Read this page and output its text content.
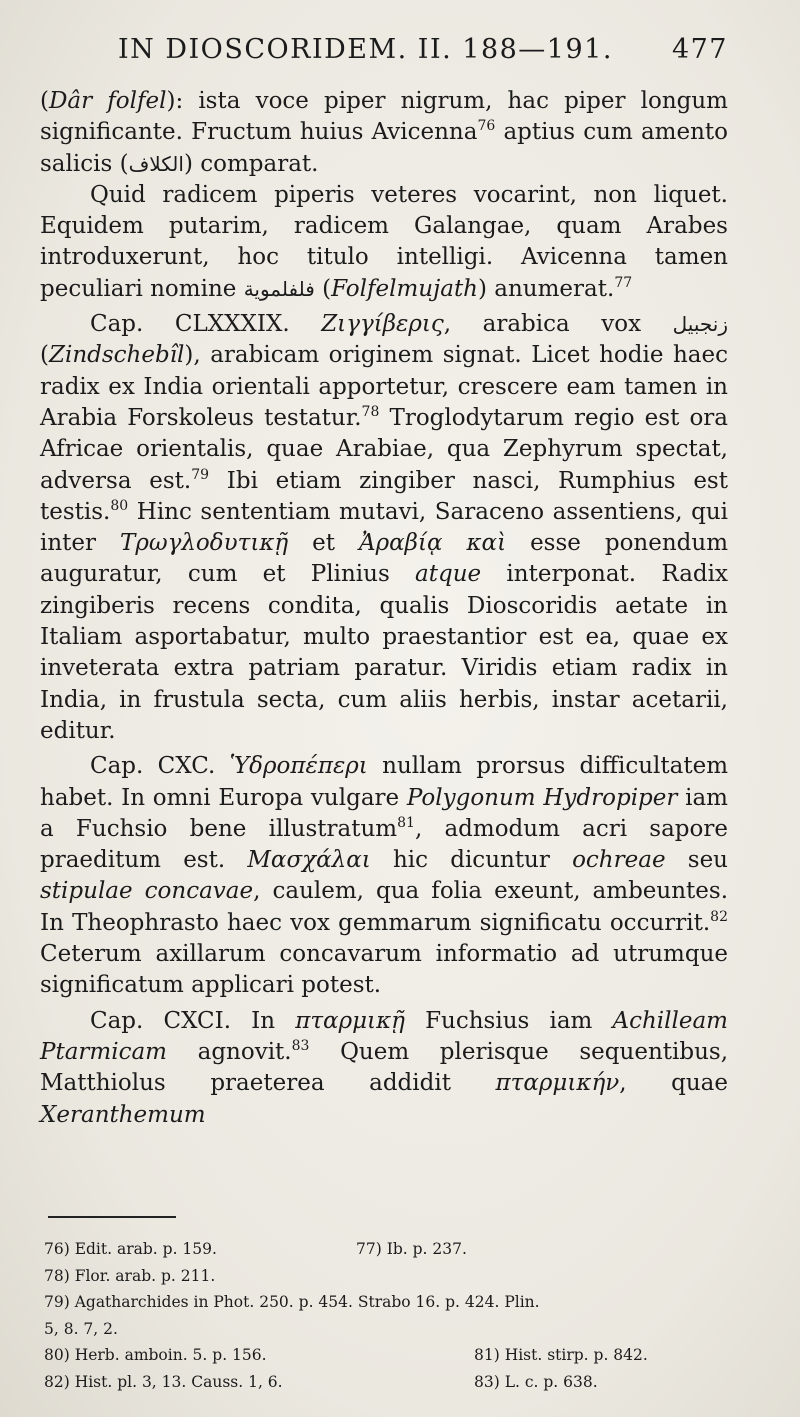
IN DIOSCORIDEM. II. 188—191. 477

(Dâr folfel): ista voce piper nigrum, hac piper longum significante. Fructum huius Avicenna$^{76}$ aptius cum amento salicis (الكلاف) comparat.

Quid radicem piperis veteres vocarint, non liquet. Equidem putarim, radicem Galangae, quam Arabes introduxerunt, hoc titulo intelligi. Avicenna tamen peculiari nomine فلفلموية (Folfelmujath) anumerat.$^{77}$

Cap. CLXXXIX. Ζιγγίβερις, arabica vox زنجبيل (Zindschebîl), arabicam originem signat. Licet hodie haec radix ex India orientali apportetur, crescere eam tamen in Arabia Forskoleus testatur.$^{78}$ Troglodytarum regio est ora Africae orientalis, quae Arabiae, qua Zephyrum spectat, adversa est.$^{79}$ Ibi etiam zingiber nasci, Rumphius est testis.$^{80}$ Hinc sententiam mutavi, Saraceno assentiens, qui inter Τρωγλοδυτικῇ et Ἀραβίᾳ καὶ esse ponendum auguratur, cum et Plinius atque interponat. Radix zingiberis recens condita, qualis Dioscoridis aetate in Italiam asportabatur, multo praestantior est ea, quae ex inveterata extra patriam paratur. Viridis etiam radix in India, in frustula secta, cum aliis herbis, instar acetarii, editur.

Cap. CXC. Ὑδροπέπερι nullam prorsus difficultatem habet. In omni Europa vulgare Polygonum Hydropiper iam a Fuchsio bene illustratum$^{81}$, admodum acri sapore praeditum est. Μασχάλαι hic dicuntur ochreae seu stipulae concavae, caulem, qua folia exeunt, ambeuntes. In Theophrasto haec vox gemmarum significatu occurrit.$^{82}$ Ceterum axillarum concavarum informatio ad utrumque significatum applicari potest.

Cap. CXCI. In πταρμικῇ Fuchsius iam Achilleam Ptarmicam agnovit.$^{83}$ Quem plerisque sequentibus, Matthiolus praeterea addidit πταρμικήν, quae Xeranthemum

76) Edit. arab. p. 159.	77) Ib. p. 237.
78) Flor. arab. p. 211.
79) Agatharchides in Phot. 250. p. 454. Strabo 16. p. 424. Plin.
5, 8. 7, 2.
80) Herb. amboin. 5. p. 156.	81) Hist. stirp. p. 842.
82) Hist. pl. 3, 13. Causs. 1, 6.	83) L. c. p. 638.
